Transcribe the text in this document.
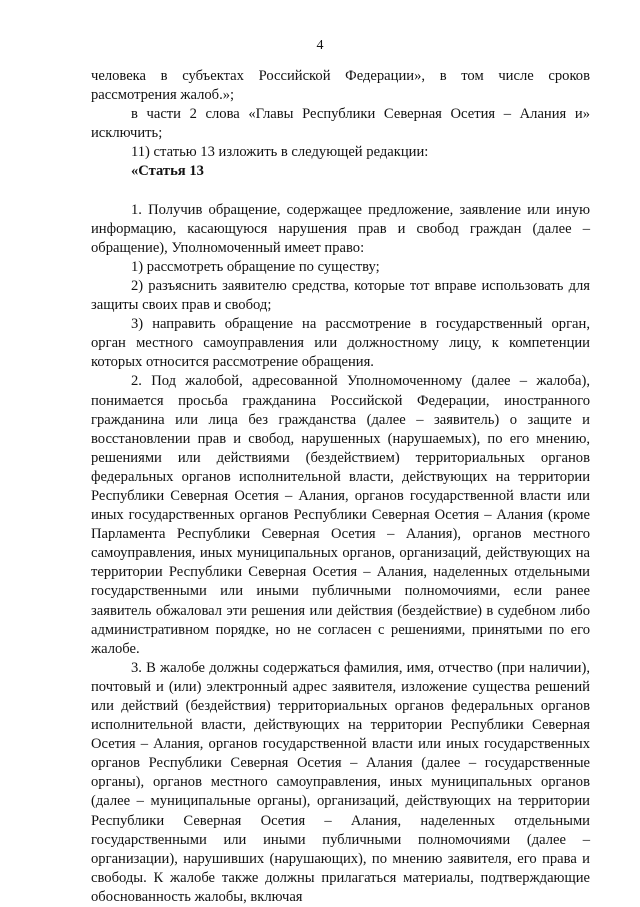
4

человека в субъектах Российской Федерации», в том числе сроков рассмотрения жалоб.»;

в части 2 слова «Главы Республики Северная Осетия – Алания и» исключить;

11) статью 13 изложить в следующей редакции:

«Статья 13

1. Получив обращение, содержащее предложение, заявление или иную информацию, касающуюся нарушения прав и свобод граждан (далее – обращение), Уполномоченный имеет право:

1) рассмотреть обращение по существу;

2) разъяснить заявителю средства, которые тот вправе использовать для защиты своих прав и свобод;

3) направить обращение на рассмотрение в государственный орган, орган местного самоуправления или должностному лицу, к компетенции которых относится рассмотрение обращения.

2. Под жалобой, адресованной Уполномоченному (далее – жалоба), понимается просьба гражданина Российской Федерации, иностранного гражданина или лица без гражданства (далее – заявитель) о защите и восстановлении прав и свобод, нарушенных (нарушаемых), по его мнению, решениями или действиями (бездействием) территориальных органов федеральных органов исполнительной власти, действующих на территории Республики Северная Осетия – Алания, органов государственной власти или иных государственных органов Республики Северная Осетия – Алания (кроме Парламента Республики Северная Осетия – Алания), органов местного самоуправления, иных муниципальных органов, организаций, действующих на территории Республики Северная Осетия – Алания, наделенных отдельными государственными или иными публичными полномочиями, если ранее заявитель обжаловал эти решения или действия (бездействие) в судебном либо административном порядке, но не согласен с решениями, принятыми по его жалобе.

3. В жалобе должны содержаться фамилия, имя, отчество (при наличии), почтовый и (или) электронный адрес заявителя, изложение существа решений или действий (бездействия) территориальных органов федеральных органов исполнительной власти, действующих на территории Республики Северная Осетия – Алания, органов государственной власти или иных государственных органов Республики Северная Осетия – Алания (далее – государственные органы), органов местного самоуправления, иных муниципальных органов (далее – муниципальные органы), организаций, действующих на территории Республики Северная Осетия – Алания, наделенных отдельными государственными или иными публичными полномочиями (далее – организации), нарушивших (нарушающих), по мнению заявителя, его права и свободы. К жалобе также должны прилагаться материалы, подтверждающие обоснованность жалобы, включая
